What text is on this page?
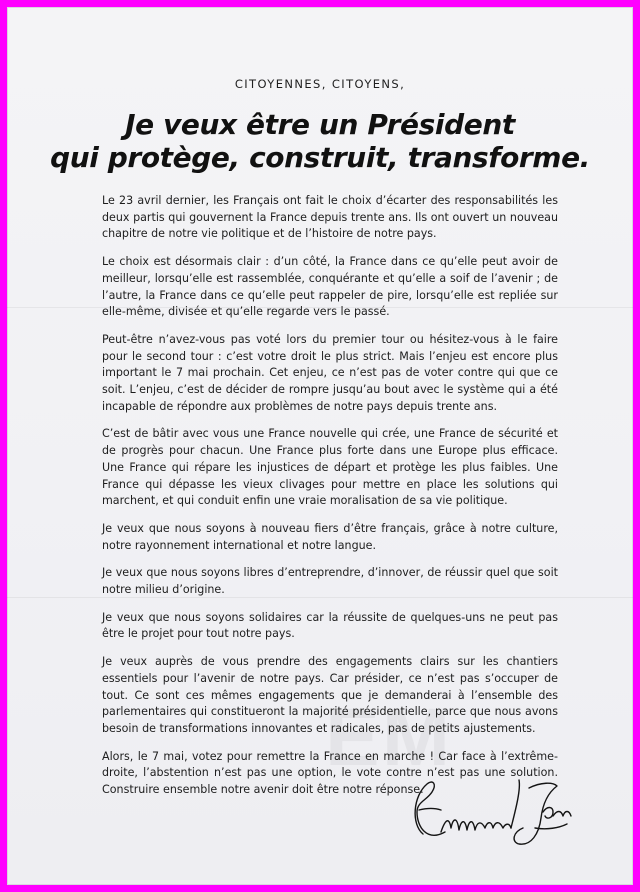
CITOYENNES, CITOYENS,
Je veux être un Président
qui protège, construit, transforme.

Le 23 avril dernier, les Français ont fait le choix d’écarter des responsabilités les deux partis qui gouvernent la France depuis trente ans. Ils ont ouvert un nouveau chapitre de notre vie politique et de l’histoire de notre pays.

Le choix est désormais clair : d’un côté, la France dans ce qu’elle peut avoir de meilleur, lorsqu’elle est rassemblée, conquérante et qu’elle a soif de l’avenir ; de l’autre, la France dans ce qu’elle peut rappeler de pire, lorsqu’elle est repliée sur elle-même, divisée et qu’elle regarde vers le passé.

Peut-être n’avez-vous pas voté lors du premier tour ou hésitez-vous à le faire pour le second tour : c’est votre droit le plus strict. Mais l’enjeu est encore plus important le 7 mai prochain. Cet enjeu, ce n’est pas de voter contre qui que ce soit. L’enjeu, c’est de décider de rompre jusqu’au bout avec le système qui a été incapable de répondre aux problèmes de notre pays depuis trente ans.

C’est de bâtir avec vous une France nouvelle qui crée, une France de sécurité et de progrès pour chacun. Une France plus forte dans une Europe plus efficace. Une France qui répare les injustices de départ et protège les plus faibles. Une France qui dépasse les vieux clivages pour mettre en place les solutions qui marchent, et qui conduit enfin une vraie moralisation de sa vie politique.

Je veux que nous soyons à nouveau fiers d’être français, grâce à notre culture, notre rayonnement international et notre langue.

Je veux que nous soyons libres d’entreprendre, d’innover, de réussir quel que soit notre milieu d’origine.

Je veux que nous soyons solidaires car la réussite de quelques-uns ne peut pas être le projet pour tout notre pays.

Je veux auprès de vous prendre des engagements clairs sur les chantiers essentiels pour l’avenir de notre pays. Car présider, ce n’est pas s’occuper de tout. Ce sont ces mêmes engagements que je demanderai à l’ensemble des parlementaires qui constitueront la majorité présidentielle, parce que nous avons besoin de transformations innovantes et radicales, pas de petits ajustements.

Alors, le 7 mai, votez pour remettre la France en marche ! Car face à l’extrême-droite, l’abstention n’est pas une option, le vote contre n’est pas une solution. Construire ensemble notre avenir doit être notre réponse.
